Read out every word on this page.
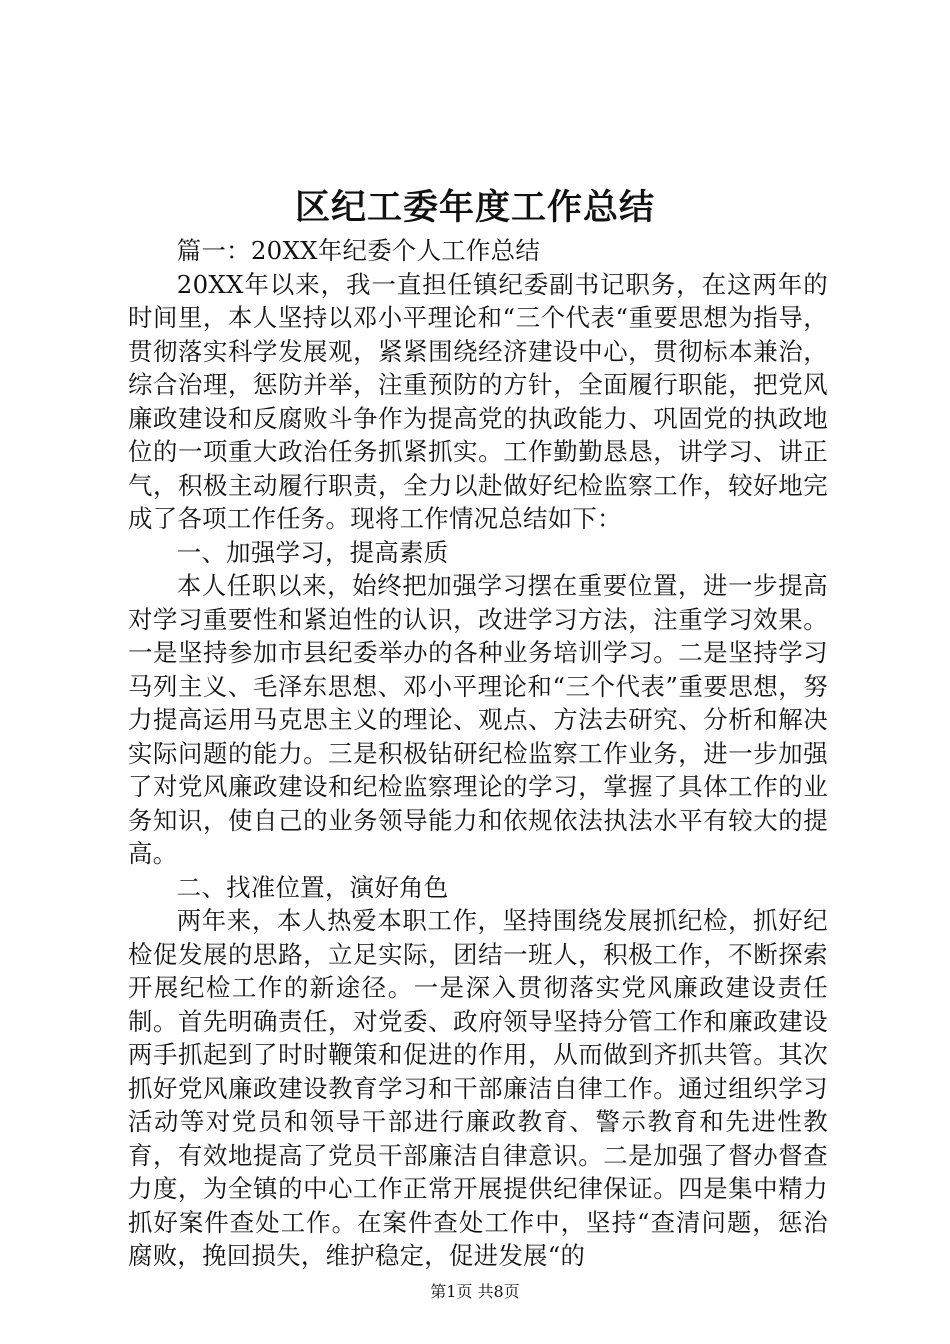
区纪工委年度工作总结

篇一：20XX年纪委个人工作总结

20XX年以来，我一直担任镇纪委副书记职务，在这两年的时间里，本人坚持以邓小平理论和“三个代表“重要思想为指导，贯彻落实科学发展观，紧紧围绕经济建设中心，贯彻标本兼治，综合治理，惩防并举，注重预防的方针，全面履行职能，把党风廉政建设和反腐败斗争作为提高党的执政能力、巩固党的执政地位的一项重大政治任务抓紧抓实。工作勤勤恳恳，讲学习、讲正气，积极主动履行职责，全力以赴做好纪检监察工作，较好地完成了各项工作任务。现将工作情况总结如下：

一、加强学习，提高素质

本人任职以来，始终把加强学习摆在重要位置，进一步提高对学习重要性和紧迫性的认识，改进学习方法，注重学习效果。一是坚持参加市县纪委举办的各种业务培训学习。二是坚持学习马列主义、毛泽东思想、邓小平理论和“三个代表”重要思想，努力提高运用马克思主义的理论、观点、方法去研究、分析和解决实际问题的能力。三是积极钻研纪检监察工作业务，进一步加强了对党风廉政建设和纪检监察理论的学习，掌握了具体工作的业务知识，使自己的业务领导能力和依规依法执法水平有较大的提高。

二、找准位置，演好角色

两年来，本人热爱本职工作，坚持围绕发展抓纪检，抓好纪检促发展的思路，立足实际，团结一班人，积极工作，不断探索开展纪检工作的新途径。一是深入贯彻落实党风廉政建设责任制。首先明确责任，对党委、政府领导坚持分管工作和廉政建设两手抓起到了时时鞭策和促进的作用，从而做到齐抓共管。其次抓好党风廉政建设教育学习和干部廉洁自律工作。通过组织学习活动等对党员和领导干部进行廉政教育、警示教育和先进性教育，有效地提高了党员干部廉洁自律意识。二是加强了督办督查力度，为全镇的中心工作正常开展提供纪律保证。四是集中精力抓好案件查处工作。在案件查处工作中，坚持“查清问题，惩治腐败，挽回损失，维护稳定，促进发展“的

第1页 共8页
